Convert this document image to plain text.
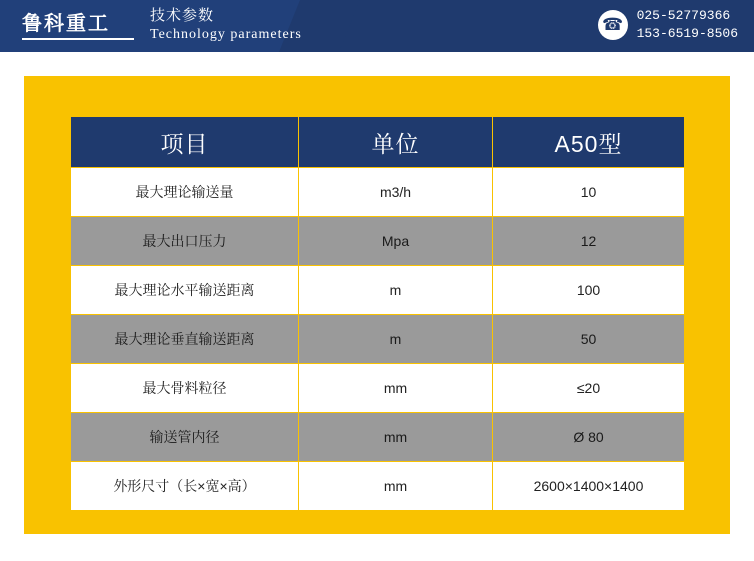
鲁科重工	技术参数
Technology parameters
☎	025-52779366
153-6519-8506
项目	单位	A50型
最大理论输送量	m3/h	10
最大出口压力	Mpa	12
最大理论水平输送距离	m	100
最大理论垂直输送距离	m	50
最大骨料粒径	mm	≤20
输送管内径	mm	Ø 80
外形尺寸（长×宽×高）	mm	2600×1400×1400
